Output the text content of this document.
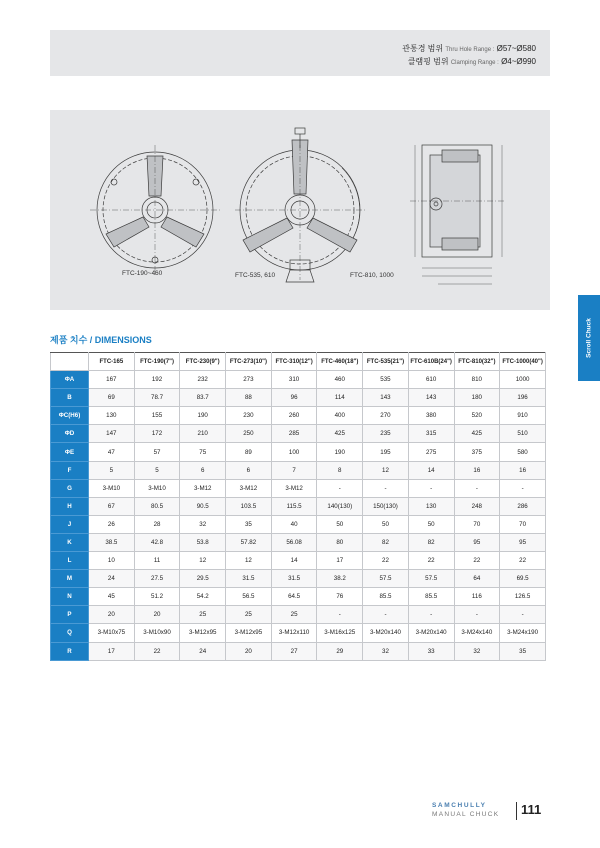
관통경 범위 Thru Hole Range : Ø57~Ø580
클램핑 범위 Clamping Range : Ø4~Ø990
FTC-190~460	FTC-535, 610	FTC-810, 1000
Scroll Chuck
제품 치수 / DIMENSIONS
	FTC-165	FTC-190(7")	FTC-230(9")	FTC-273(10")	FTC-310(12")	FTC-460(18")	FTC-535(21")	FTC-610B(24")	FTC-810(32")	FTC-1000(40")
ΦA	167	192	232	273	310	460	535	610	810	1000
B	69	78.7	83.7	88	96	114	143	143	180	196
ΦC(H6)	130	155	190	230	260	400	270	380	520	910
ΦD	147	172	210	250	285	425	235	315	425	510
ΦE	47	57	75	89	100	190	195	275	375	580
F	5	5	6	6	7	8	12	14	16	16
G	3-M10	3-M10	3-M12	3-M12	3-M12	-	-	-	-	-
H	67	80.5	90.5	103.5	115.5	140(130)	150(130)	130	248	286
J	26	28	32	35	40	50	50	50	70	70
K	38.5	42.8	53.8	57.82	56.08	80	82	82	95	95
L	10	11	12	12	14	17	22	22	22	22
M	24	27.5	29.5	31.5	31.5	38.2	57.5	57.5	64	69.5
N	45	51.2	54.2	56.5	64.5	76	85.5	85.5	116	126.5
P	20	20	25	25	25	-	-	-	-	-
Q	3-M10x75	3-M10x90	3-M12x95	3-M12x95	3-M12x110	3-M16x125	3-M20x140	3-M20x140	3-M24x140	3-M24x190
R	17	22	24	20	27	29	32	33	32	35
SAMCHULLY
MANUAL CHUCK 111
